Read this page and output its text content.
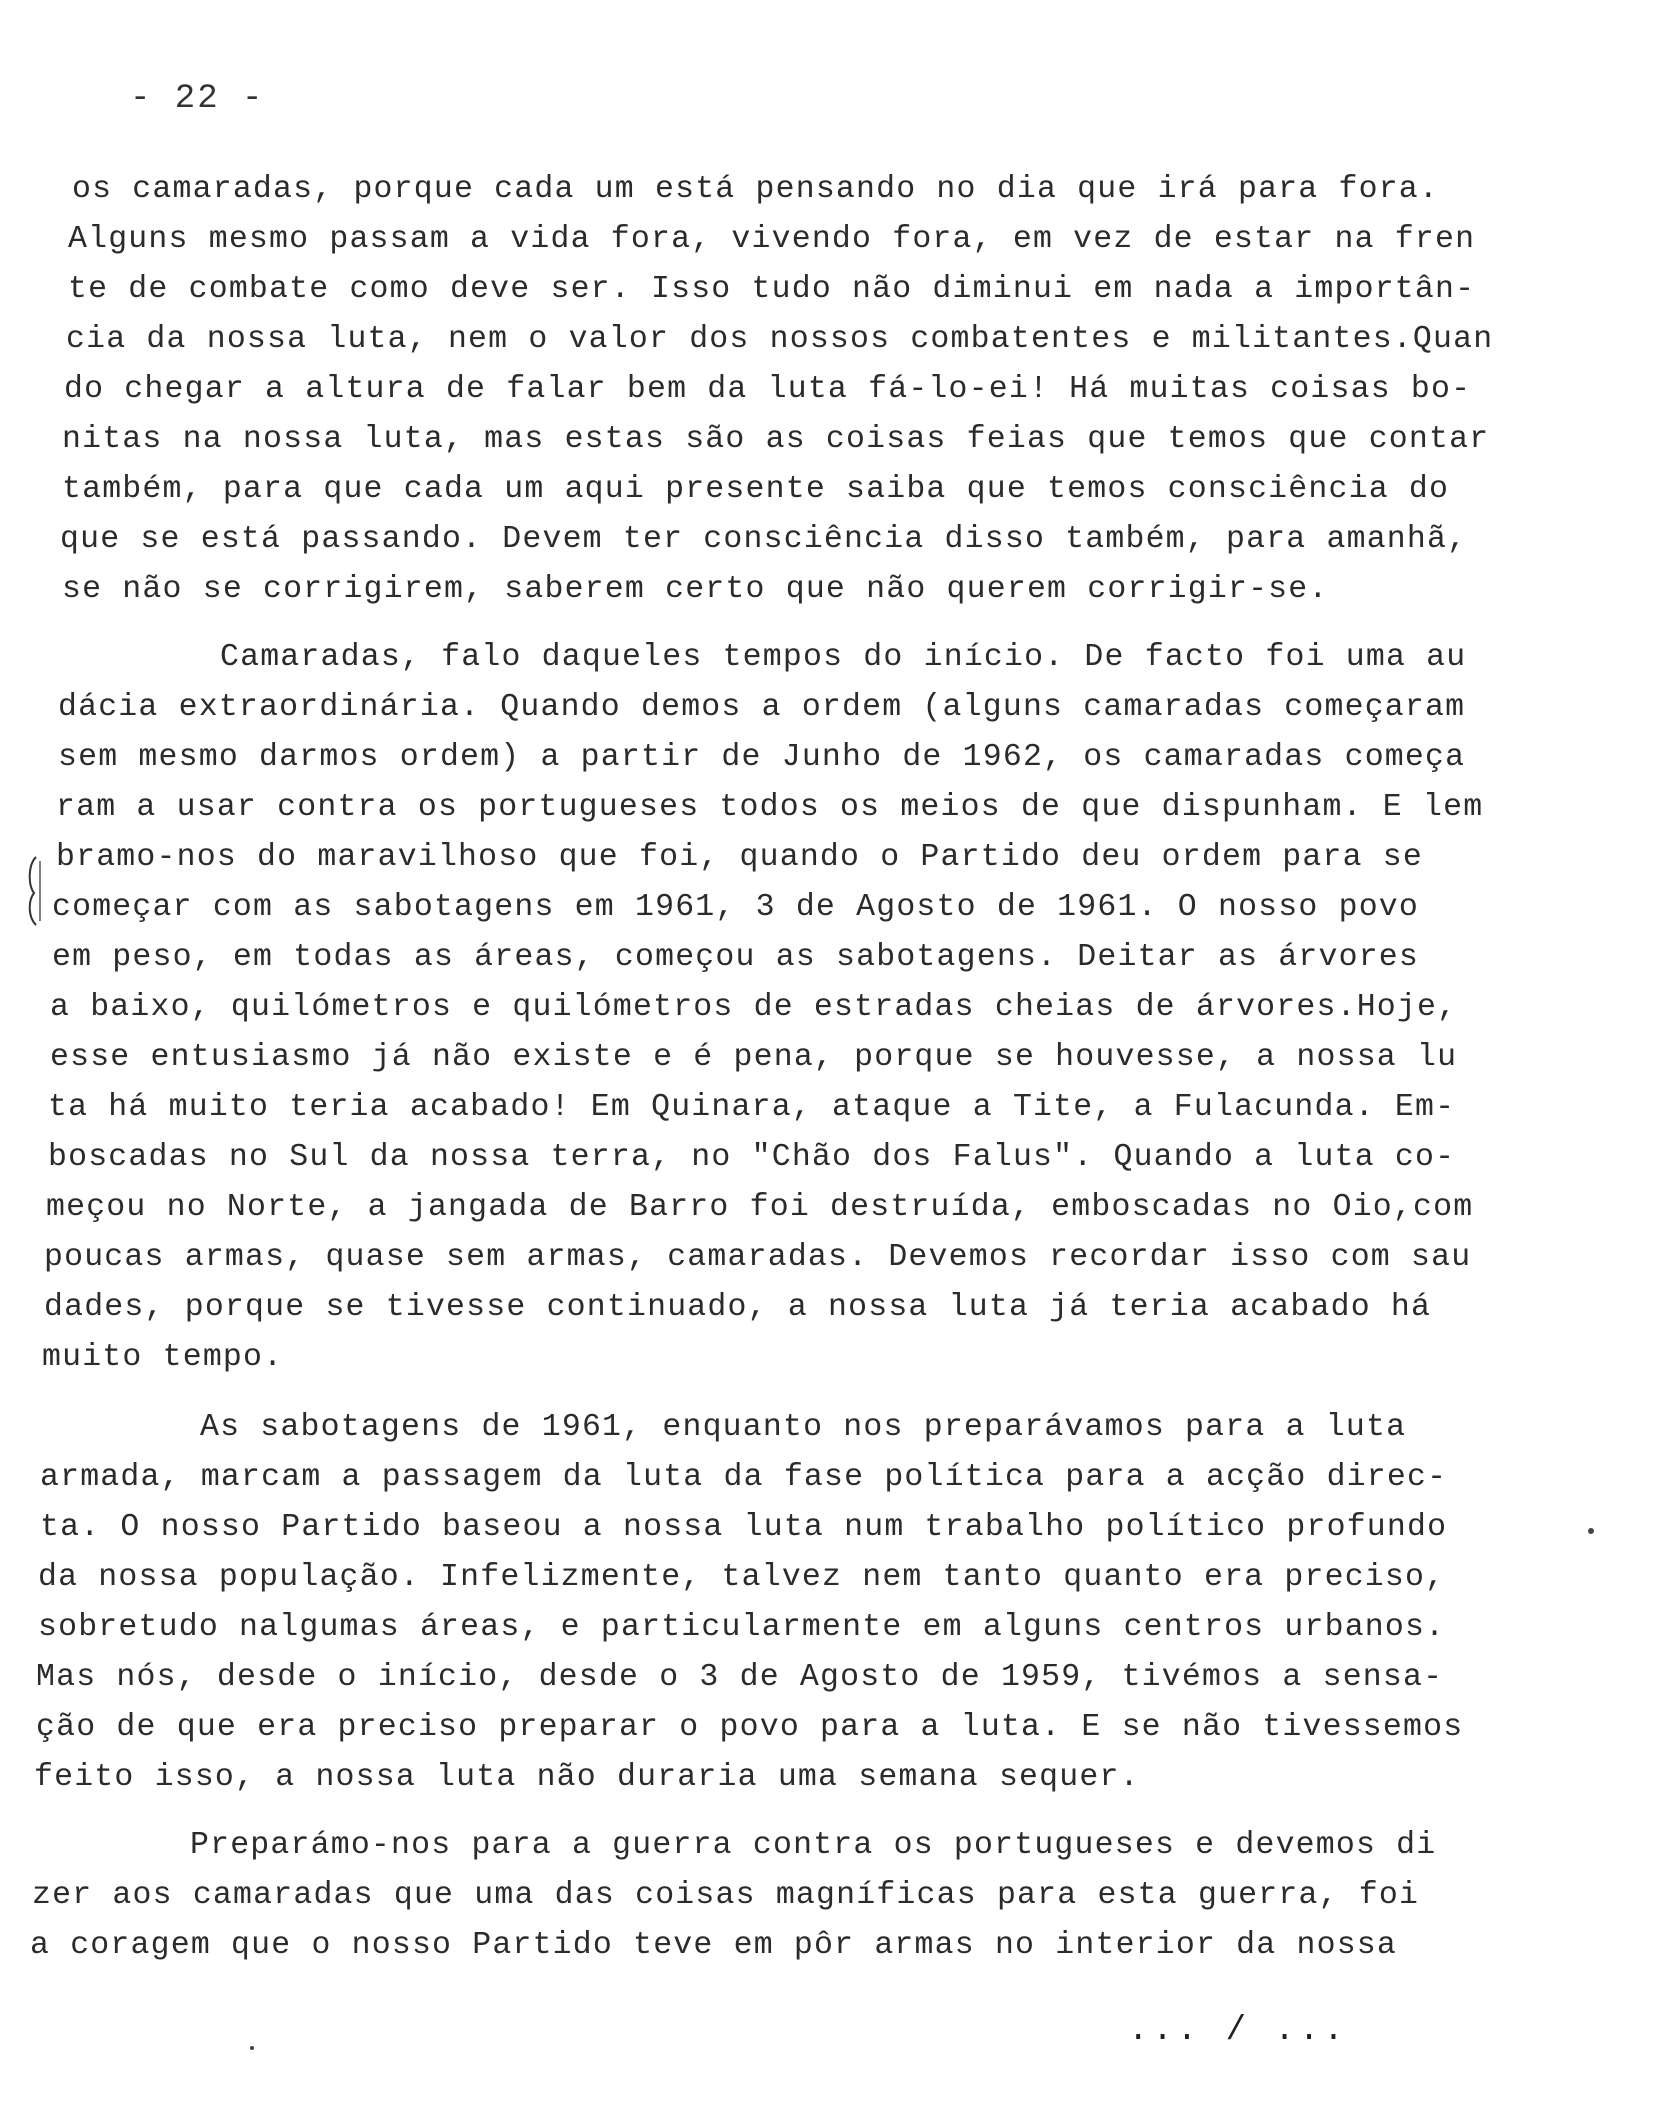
- 22 -
os camaradas, porque cada um está pensando no dia que irá para fora.
Alguns mesmo passam a vida fora, vivendo fora, em vez de estar na fren
te de combate como deve ser. Isso tudo não diminui em nada a importân-
cia da nossa luta, nem o valor dos nossos combatentes e militantes.Quan
do chegar a altura de falar bem da luta fá-lo-ei! Há muitas coisas bo-
nitas na nossa luta, mas estas são as coisas feias que temos que contar
também, para que cada um aqui presente saiba que temos consciência do
que se está passando. Devem ter consciência disso também, para amanhã,
se não se corrigirem, saberem certo que não querem corrigir-se.
Camaradas, falo daqueles tempos do início. De facto foi uma au
dácia extraordinária. Quando demos a ordem (alguns camaradas começaram
sem mesmo darmos ordem) a partir de Junho de 1962, os camaradas começa
ram a usar contra os portugueses todos os meios de que dispunham. E lem
bramo-nos do maravilhoso que foi, quando o Partido deu ordem para se
começar com as sabotagens em 1961, 3 de Agosto de 1961. O nosso povo
em peso, em todas as áreas, começou as sabotagens. Deitar as árvores
a baixo, quilómetros e quilómetros de estradas cheias de árvores.Hoje,
esse entusiasmo já não existe e é pena, porque se houvesse, a nossa lu
ta há muito teria acabado! Em Quinara, ataque a Tite, a Fulacunda. Em-
boscadas no Sul da nossa terra, no "Chão dos Falus". Quando a luta co-
meçou no Norte, a jangada de Barro foi destruída, emboscadas no Oio,com
poucas armas, quase sem armas, camaradas. Devemos recordar isso com sau
dades, porque se tivesse continuado, a nossa luta já teria acabado há
muito tempo.
As sabotagens de 1961, enquanto nos preparávamos para a luta
armada, marcam a passagem da luta da fase política para a acção direc-
ta. O nosso Partido baseou a nossa luta num trabalho político profundo
da nossa população. Infelizmente, talvez nem tanto quanto era preciso,
sobretudo nalgumas áreas, e particularmente em alguns centros urbanos.
Mas nós, desde o início, desde o 3 de Agosto de 1959, tivémos a sensa-
ção de que era preciso preparar o povo para a luta. E se não tivessemos
feito isso, a nossa luta não duraria uma semana sequer.
Preparámo-nos para a guerra contra os portugueses e devemos di
zer aos camaradas que uma das coisas magníficas para esta guerra, foi
a coragem que o nosso Partido teve em pôr armas no interior da nossa
... / ...
